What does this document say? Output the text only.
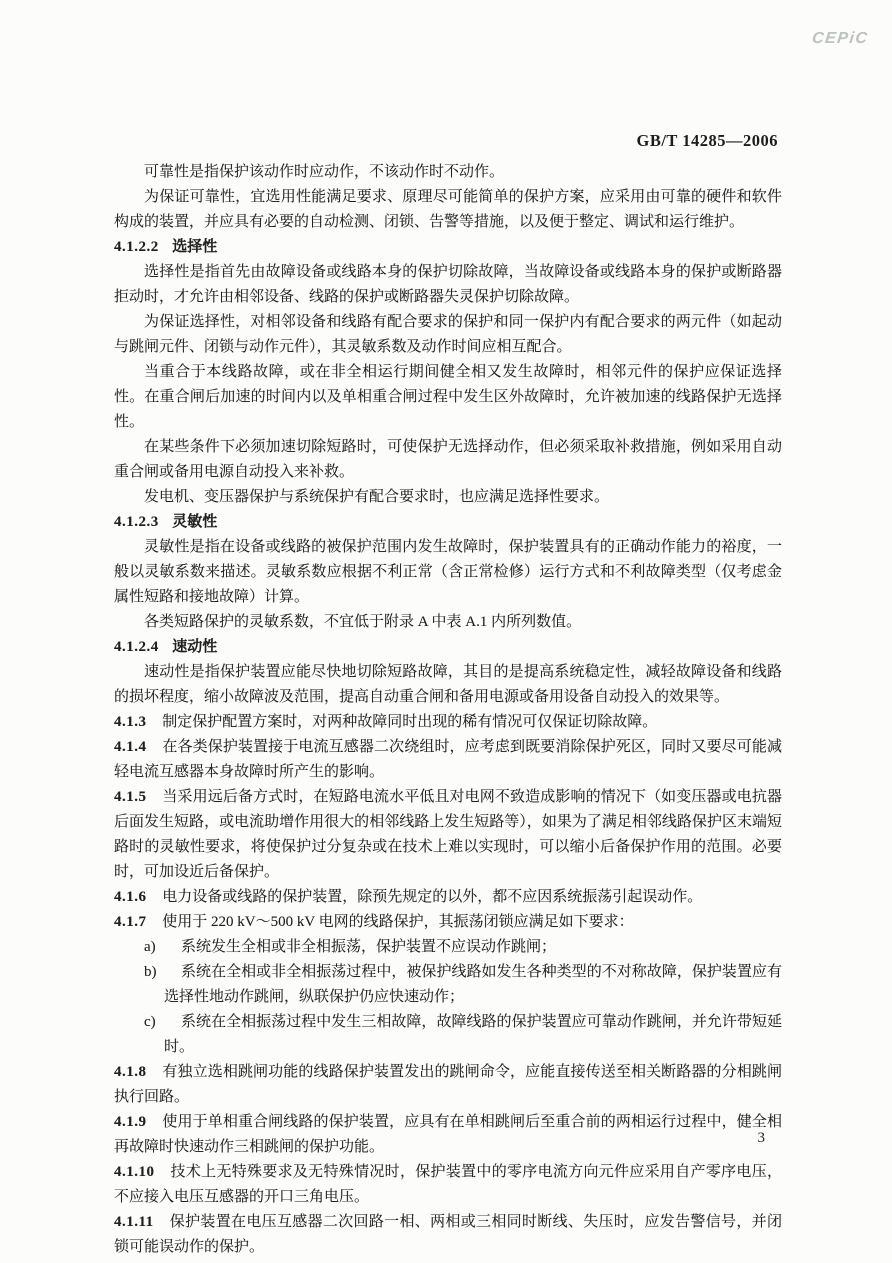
CEPiC
GB/T 14285—2006

可靠性是指保护该动作时应动作，不该动作时不动作。

为保证可靠性，宜选用性能满足要求、原理尽可能简单的保护方案，应采用由可靠的硬件和软件构成的装置，并应具有必要的自动检测、闭锁、告警等措施，以及便于整定、调试和运行维护。

4.1.2.2 选择性

选择性是指首先由故障设备或线路本身的保护切除故障，当故障设备或线路本身的保护或断路器拒动时，才允许由相邻设备、线路的保护或断路器失灵保护切除故障。

为保证选择性，对相邻设备和线路有配合要求的保护和同一保护内有配合要求的两元件（如起动与跳闸元件、闭锁与动作元件），其灵敏系数及动作时间应相互配合。

当重合于本线路故障，或在非全相运行期间健全相又发生故障时，相邻元件的保护应保证选择性。在重合闸后加速的时间内以及单相重合闸过程中发生区外故障时，允许被加速的线路保护无选择性。

在某些条件下必须加速切除短路时，可使保护无选择动作，但必须采取补救措施，例如采用自动重合闸或备用电源自动投入来补救。

发电机、变压器保护与系统保护有配合要求时，也应满足选择性要求。

4.1.2.3 灵敏性

灵敏性是指在设备或线路的被保护范围内发生故障时，保护装置具有的正确动作能力的裕度，一般以灵敏系数来描述。灵敏系数应根据不利正常（含正常检修）运行方式和不利故障类型（仅考虑金属性短路和接地故障）计算。

各类短路保护的灵敏系数，不宜低于附录 A 中表 A.1 内所列数值。

4.1.2.4 速动性

速动性是指保护装置应能尽快地切除短路故障，其目的是提高系统稳定性，减轻故障设备和线路的损坏程度，缩小故障波及范围，提高自动重合闸和备用电源或备用设备自动投入的效果等。

4.1.3 制定保护配置方案时，对两种故障同时出现的稀有情况可仅保证切除故障。

4.1.4 在各类保护装置接于电流互感器二次绕组时，应考虑到既要消除保护死区，同时又要尽可能减轻电流互感器本身故障时所产生的影响。

4.1.5 当采用远后备方式时，在短路电流水平低且对电网不致造成影响的情况下（如变压器或电抗器后面发生短路，或电流助增作用很大的相邻线路上发生短路等），如果为了满足相邻线路保护区末端短路时的灵敏性要求，将使保护过分复杂或在技术上难以实现时，可以缩小后备保护作用的范围。必要时，可加设近后备保护。

4.1.6 电力设备或线路的保护装置，除预先规定的以外，都不应因系统振荡引起误动作。

4.1.7 使用于 220 kV～500 kV 电网的线路保护，其振荡闭锁应满足如下要求：

a) 系统发生全相或非全相振荡，保护装置不应误动作跳闸；

b) 系统在全相或非全相振荡过程中，被保护线路如发生各种类型的不对称故障，保护装置应有选择性地动作跳闸，纵联保护仍应快速动作；

c) 系统在全相振荡过程中发生三相故障，故障线路的保护装置应可靠动作跳闸，并允许带短延时。

4.1.8 有独立选相跳闸功能的线路保护装置发出的跳闸命令，应能直接传送至相关断路器的分相跳闸执行回路。

4.1.9 使用于单相重合闸线路的保护装置，应具有在单相跳闸后至重合前的两相运行过程中，健全相再故障时快速动作三相跳闸的保护功能。

4.1.10 技术上无特殊要求及无特殊情况时，保护装置中的零序电流方向元件应采用自产零序电压，不应接入电压互感器的开口三角电压。

4.1.11 保护装置在电压互感器二次回路一相、两相或三相同时断线、失压时，应发告警信号，并闭锁可能误动作的保护。

3
